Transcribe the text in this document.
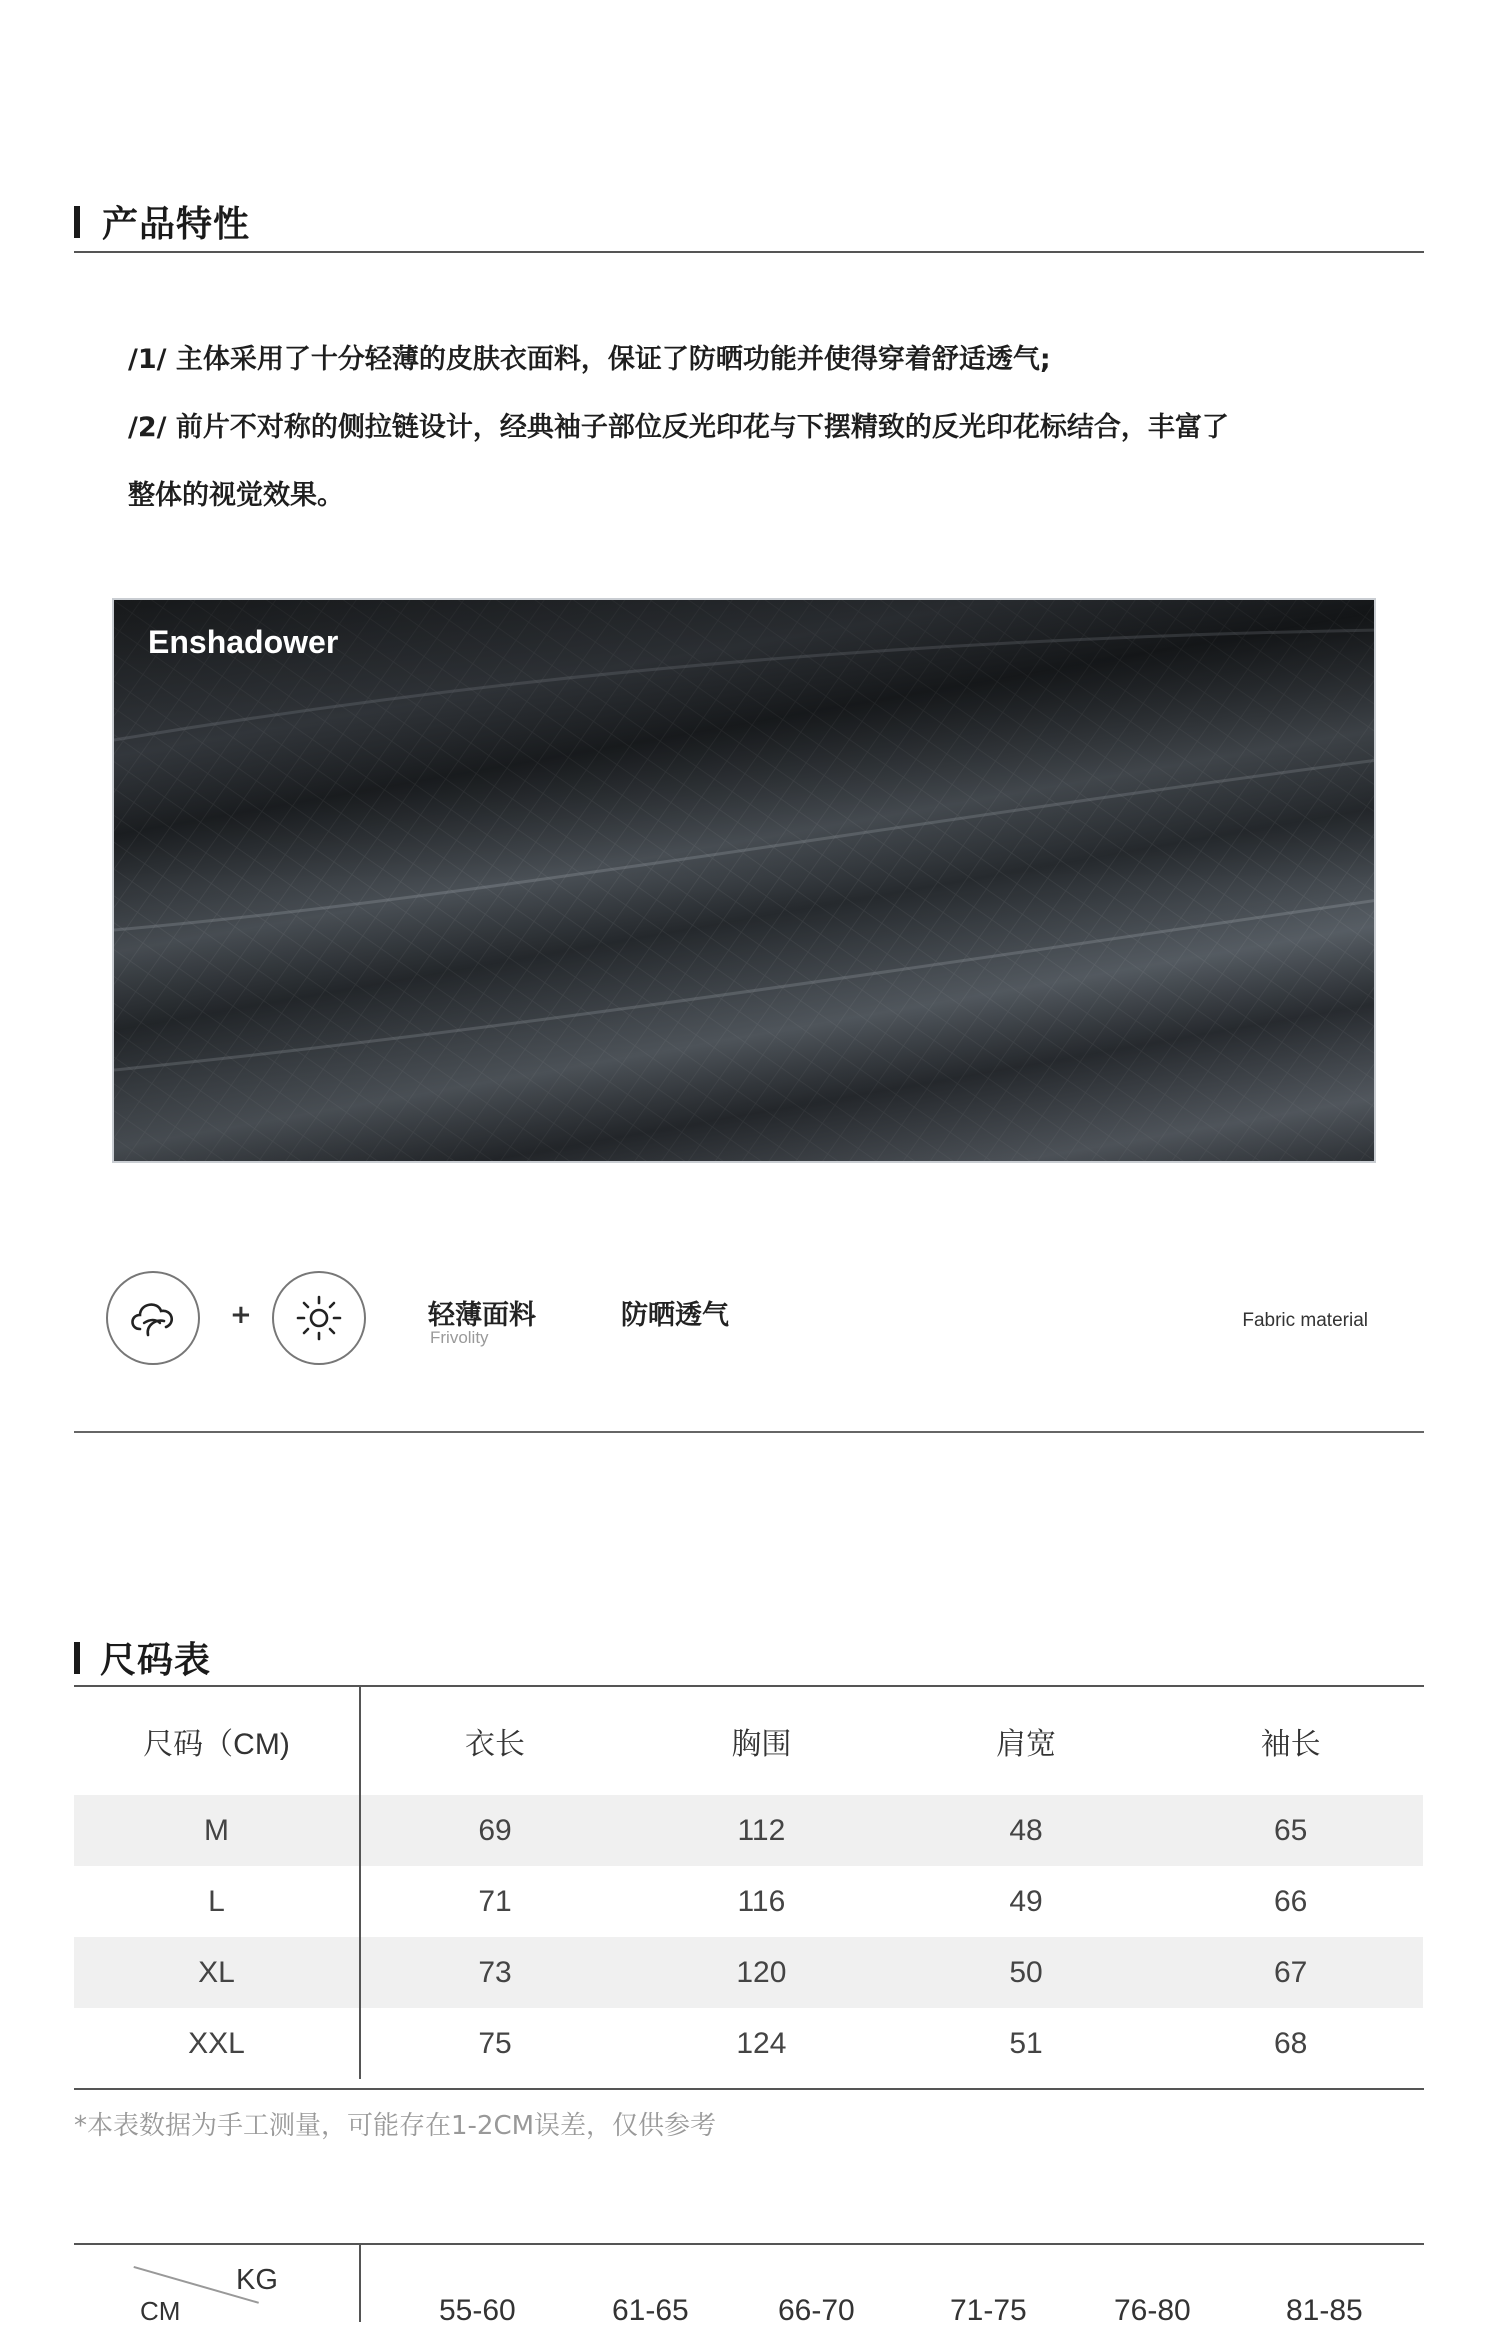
产品特性
/1/ 主体采用了十分轻薄的皮肤衣面料，保证了防晒功能并使得穿着舒适透气;
/2/ 前片不对称的侧拉链设计，经典袖子部位反光印花与下摆精致的反光印花标结合，丰富了
整体的视觉效果。
Enshadower
+	轻薄面料
Frivolity
防晒透气	Fabric material
尺码表
尺码（CM)	衣长	胸围	肩宽	袖长
M	69	112	48	65
L	71	116	49	66
XL	73	120	50	67
XXL	75	124	51	68
*本表数据为手工测量，可能存在1-2CM误差，仅供参考
KG
CM	55-60	61-65	66-70	71-75	76-80	81-85
